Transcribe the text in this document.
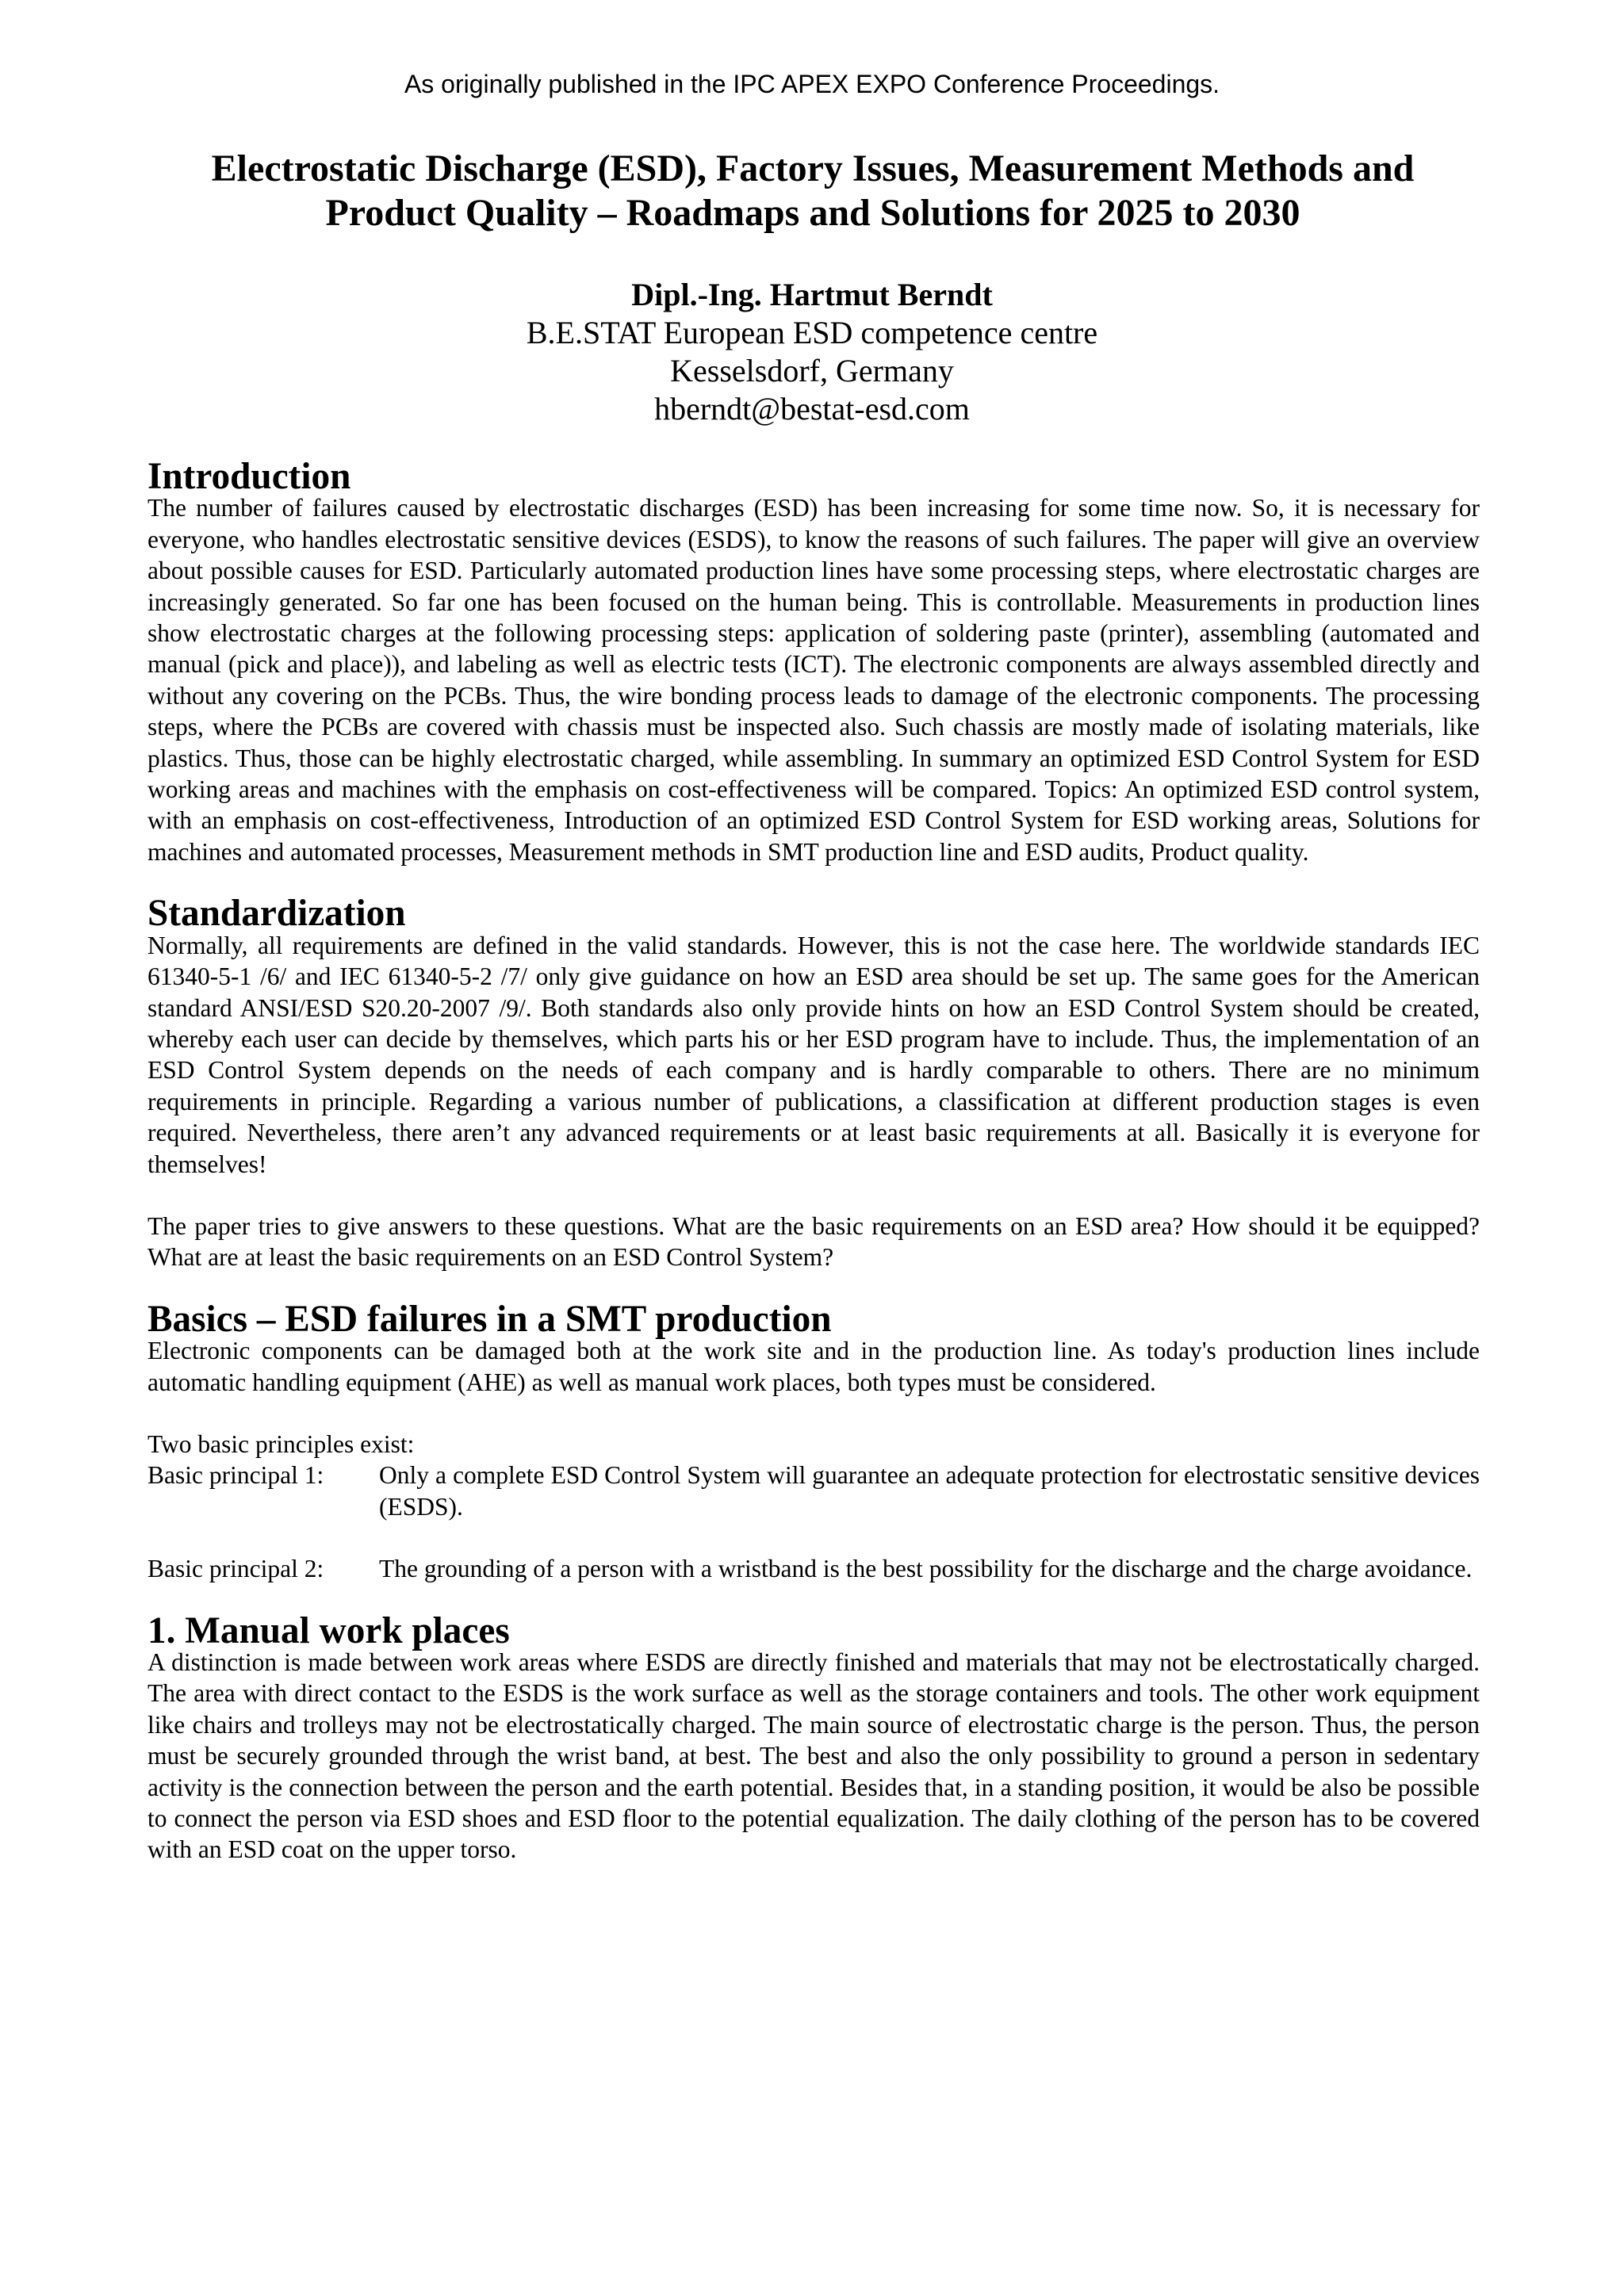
As originally published in the IPC APEX EXPO Conference Proceedings.

Electrostatic Discharge (ESD), Factory Issues, Measurement Methods and
Product Quality – Roadmaps and Solutions for 2025 to 2030

Dipl.-Ing. Hartmut Berndt

B.E.STAT European ESD competence centre

Kesselsdorf, Germany

hberndt@bestat-esd.com

Introduction

The number of failures caused by electrostatic discharges (ESD) has been increasing for some time now. So, it is necessary for everyone, who handles electrostatic sensitive devices (ESDS), to know the reasons of such failures. The paper will give an overview about possible causes for ESD. Particularly automated production lines have some processing steps, where electrostatic charges are increasingly generated. So far one has been focused on the human being. This is controllable. Measurements in production lines show electrostatic charges at the following processing steps: application of soldering paste (printer), assembling (automated and manual (pick and place)), and labeling as well as electric tests (ICT). The electronic components are always assembled directly and without any covering on the PCBs. Thus, the wire bonding process leads to damage of the electronic components. The processing steps, where the PCBs are covered with chassis must be inspected also. Such chassis are mostly made of isolating materials, like plastics. Thus, those can be highly electrostatic charged, while assembling. In summary an optimized ESD Control System for ESD working areas and machines with the emphasis on cost-effectiveness will be compared. Topics: An optimized ESD control system, with an emphasis on cost-effectiveness, Introduction of an optimized ESD Control System for ESD working areas, Solutions for machines and automated processes, Measurement methods in SMT production line and ESD audits, Product quality.

Standardization

Normally, all requirements are defined in the valid standards. However, this is not the case here. The worldwide standards IEC 61340-5-1 /6/ and IEC 61340-5-2 /7/ only give guidance on how an ESD area should be set up. The same goes for the American standard ANSI/ESD S20.20-2007 /9/. Both standards also only provide hints on how an ESD Control System should be created, whereby each user can decide by themselves, which parts his or her ESD program have to include. Thus, the implementation of an ESD Control System depends on the needs of each company and is hardly comparable to others. There are no minimum requirements in principle. Regarding a various number of publications, a classification at different production stages is even required. Nevertheless, there aren’t any advanced requirements or at least basic requirements at all. Basically it is everyone for themselves!

The paper tries to give answers to these questions. What are the basic requirements on an ESD area? How should it be equipped? What are at least the basic requirements on an ESD Control System?

Basics – ESD failures in a SMT production

Electronic components can be damaged both at the work site and in the production line. As today's production lines include automatic handling equipment (AHE) as well as manual work places, both types must be considered.

Two basic principles exist:

Basic principal 1:	Only a complete ESD Control System will guarantee an adequate protection for electrostatic sensitive devices (ESDS).
Basic principal 2:	The grounding of a person with a wristband is the best possibility for the discharge and the charge avoidance.
1. Manual work places

A distinction is made between work areas where ESDS are directly finished and materials that may not be electrostatically charged. The area with direct contact to the ESDS is the work surface as well as the storage containers and tools. The other work equipment like chairs and trolleys may not be electrostatically charged. The main source of electrostatic charge is the person. Thus, the person must be securely grounded through the wrist band, at best. The best and also the only possibility to ground a person in sedentary activity is the connection between the person and the earth potential. Besides that, in a standing position, it would be also be possible to connect the person via ESD shoes and ESD floor to the potential equalization. The daily clothing of the person has to be covered with an ESD coat on the upper torso.
